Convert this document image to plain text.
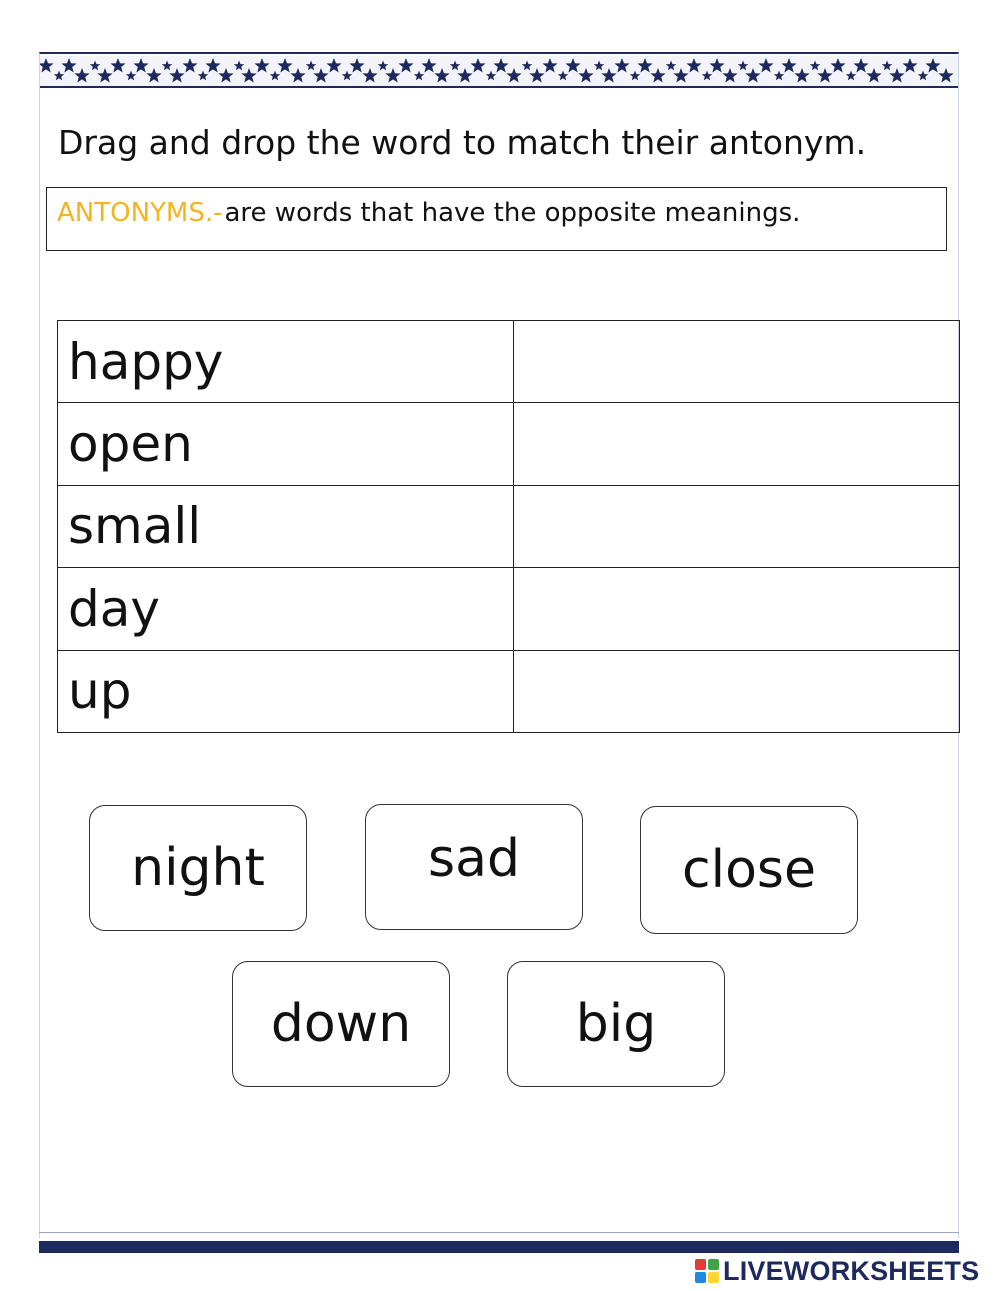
Drag and drop the word to match their antonym.
ANTONYMS.-are words that have the opposite meanings.
happy	
open	
small	
day	
up	
night	sad	close
down	big
LIVEWORKSHEETS
